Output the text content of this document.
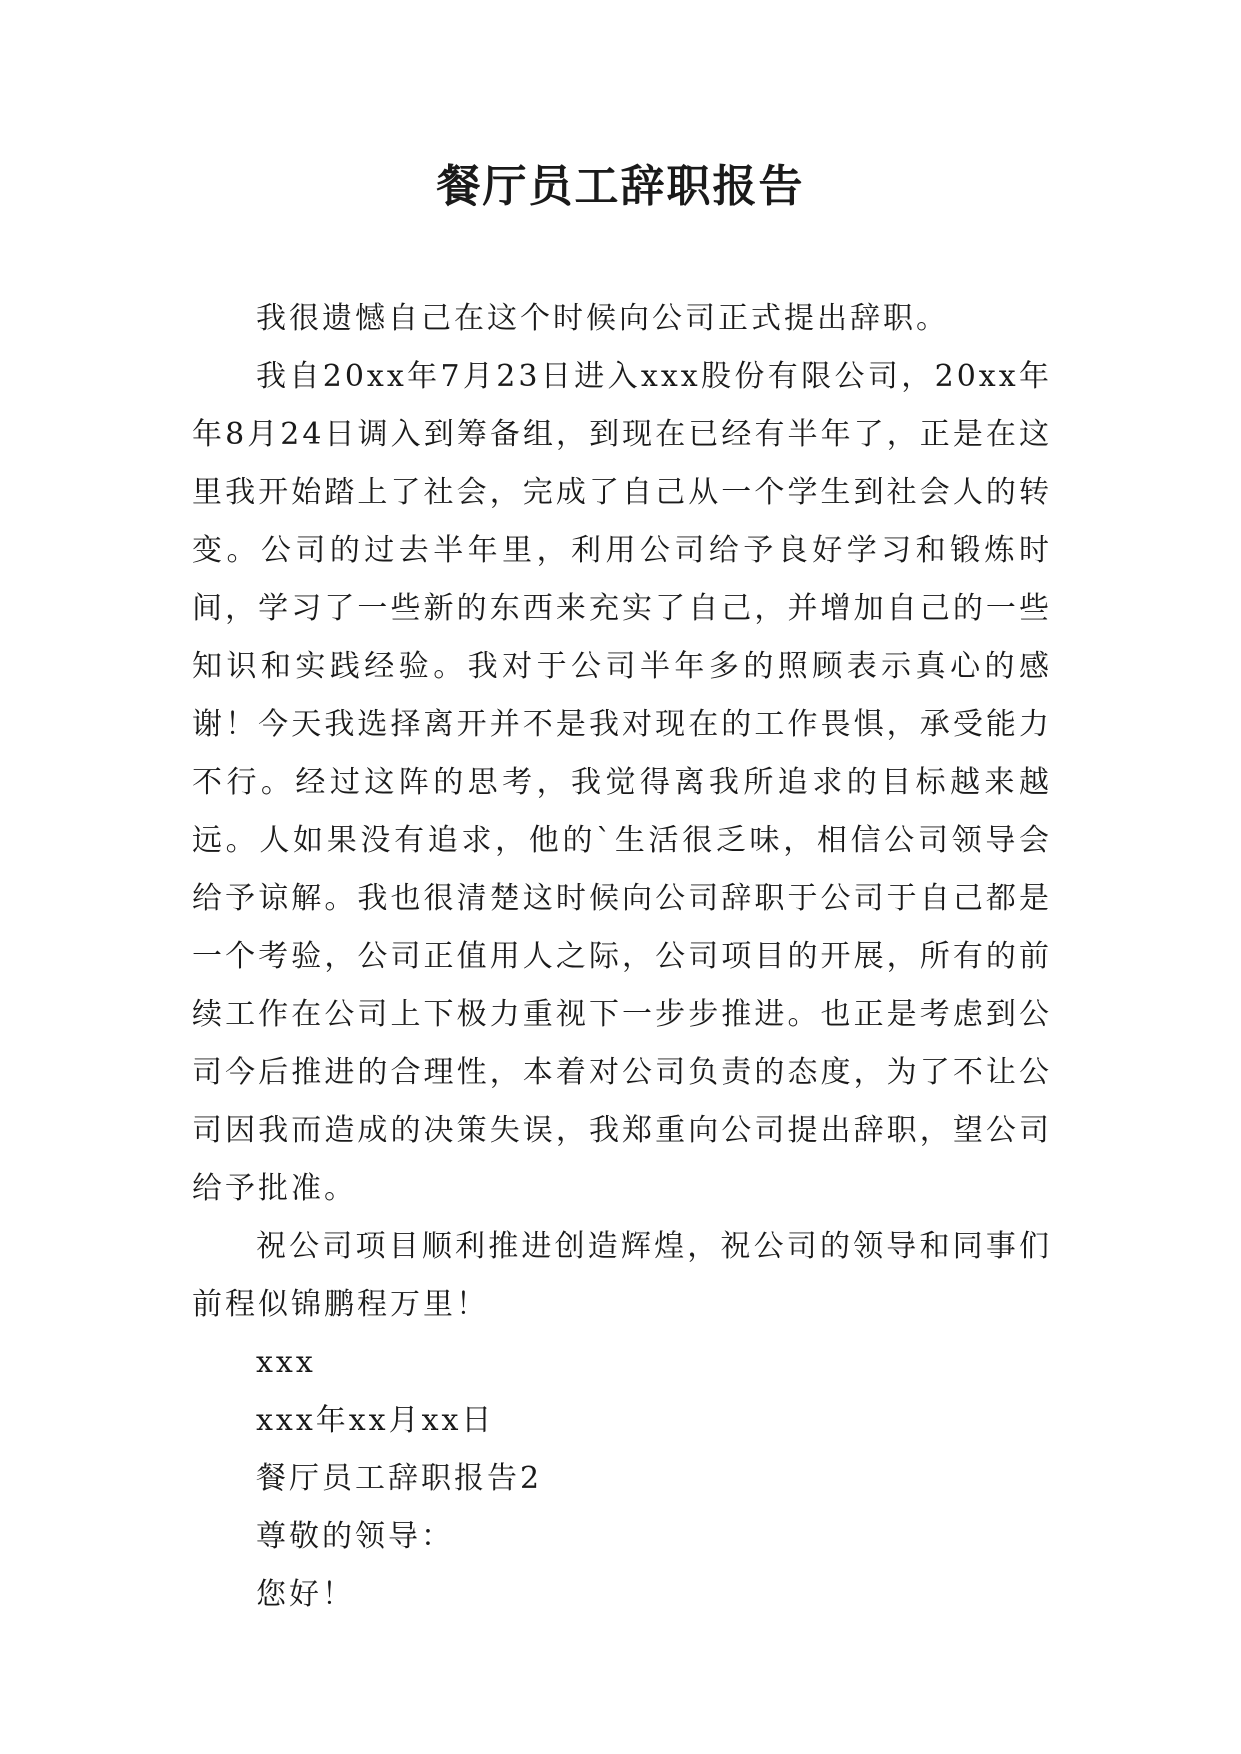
餐厅员工辞职报告

我很遗憾自己在这个时候向公司正式提出辞职。

我自20xx年7月23日进入xxx股份有限公司，20xx年年8月24日调入到筹备组，到现在已经有半年了，正是在这里我开始踏上了社会，完成了自己从一个学生到社会人的转变。公司的过去半年里，利用公司给予良好学习和锻炼时间，学习了一些新的东西来充实了自己，并增加自己的一些知识和实践经验。我对于公司半年多的照顾表示真心的感谢！今天我选择离开并不是我对现在的工作畏惧，承受能力不行。经过这阵的思考，我觉得离我所追求的目标越来越远。人如果没有追求，他的`生活很乏味，相信公司领导会给予谅解。我也很清楚这时候向公司辞职于公司于自己都是一个考验，公司正值用人之际，公司项目的开展，所有的前续工作在公司上下极力重视下一步步推进。也正是考虑到公司今后推进的合理性，本着对公司负责的态度，为了不让公司因我而造成的决策失误，我郑重向公司提出辞职，望公司给予批准。

祝公司项目顺利推进创造辉煌，祝公司的领导和同事们前程似锦鹏程万里！

xxx

xxx年xx月xx日

餐厅员工辞职报告2

尊敬的领导：

您好！
